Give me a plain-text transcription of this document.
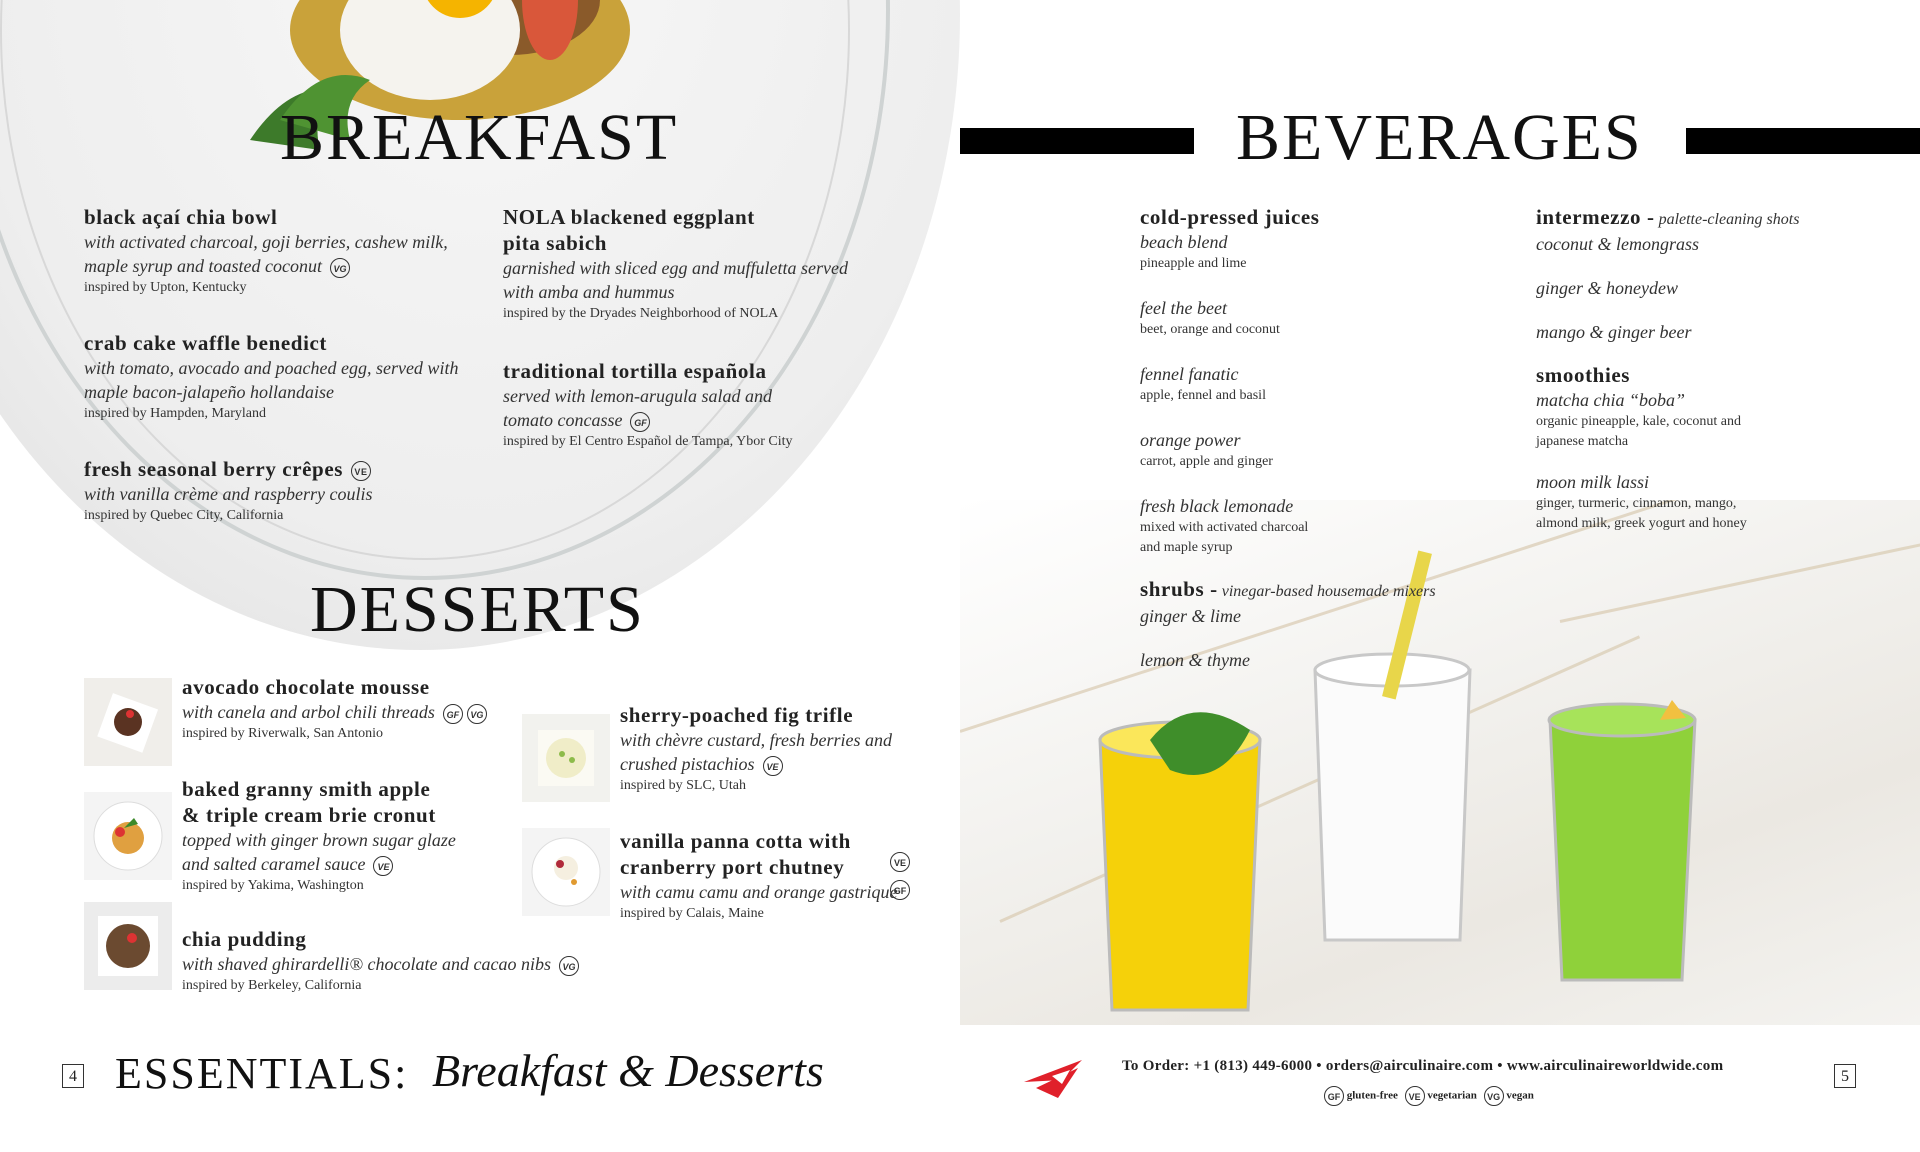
BREAKFAST
black açaí chia bowl
with activated charcoal, goji berries, cashew milk,
maple syrup and toasted coconut VG
inspired by Upton, Kentucky
crab cake waffle benedict
with tomato, avocado and poached egg, served with
maple bacon-jalapeño hollandaise
inspired by Hampden, Maryland
fresh seasonal berry crêpes VE
with vanilla crème and raspberry coulis
inspired by Quebec City, California
NOLA blackened eggplant
pita sabich
garnished with sliced egg and muffuletta served
with amba and hummus
inspired by the Dryades Neighborhood of NOLA
traditional tortilla española
served with lemon-arugula salad and
tomato concasse GF
inspired by El Centro Español de Tampa, Ybor City
DESSERTS
avocado chocolate mousse
with canela and arbol chili threads GF VG
inspired by Riverwalk, San Antonio
baked granny smith apple
& triple cream brie cronut
topped with ginger brown sugar glaze
and salted caramel sauce VE
inspired by Yakima, Washington
chia pudding
with shaved ghirardelli® chocolate and cacao nibs VG
inspired by Berkeley, California
sherry-poached fig trifle
with chèvre custard, fresh berries and
crushed pistachios VE
inspired by SLC, Utah
vanilla panna cotta with
cranberry port chutney
with camu camu and orange gastrique
inspired by Calais, Maine
VE
GF
4 ESSENTIALS: Breakfast & Desserts
BEVERAGES
cold-pressed juices
beach blend
pineapple and lime
feel the beet
beet, orange and coconut
fennel fanatic
apple, fennel and basil
orange power
carrot, apple and ginger
fresh black lemonade
mixed with activated charcoal
and maple syrup
shrubs - vinegar-based housemade mixers
ginger & lime
lemon & thyme
intermezzo - palette-cleaning shots
coconut & lemongrass
ginger & honeydew
mango & ginger beer
smoothies
matcha chia “boba”
organic pineapple, kale, coconut and
japanese matcha
moon milk lassi
ginger, turmeric, cinnamon, mango,
almond milk, greek yogurt and honey
To Order: +1 (813) 449-6000 • orders@airculinaire.com • www.airculinaireworldwide.com
GF gluten-free VE vegetarian VG vegan
5
